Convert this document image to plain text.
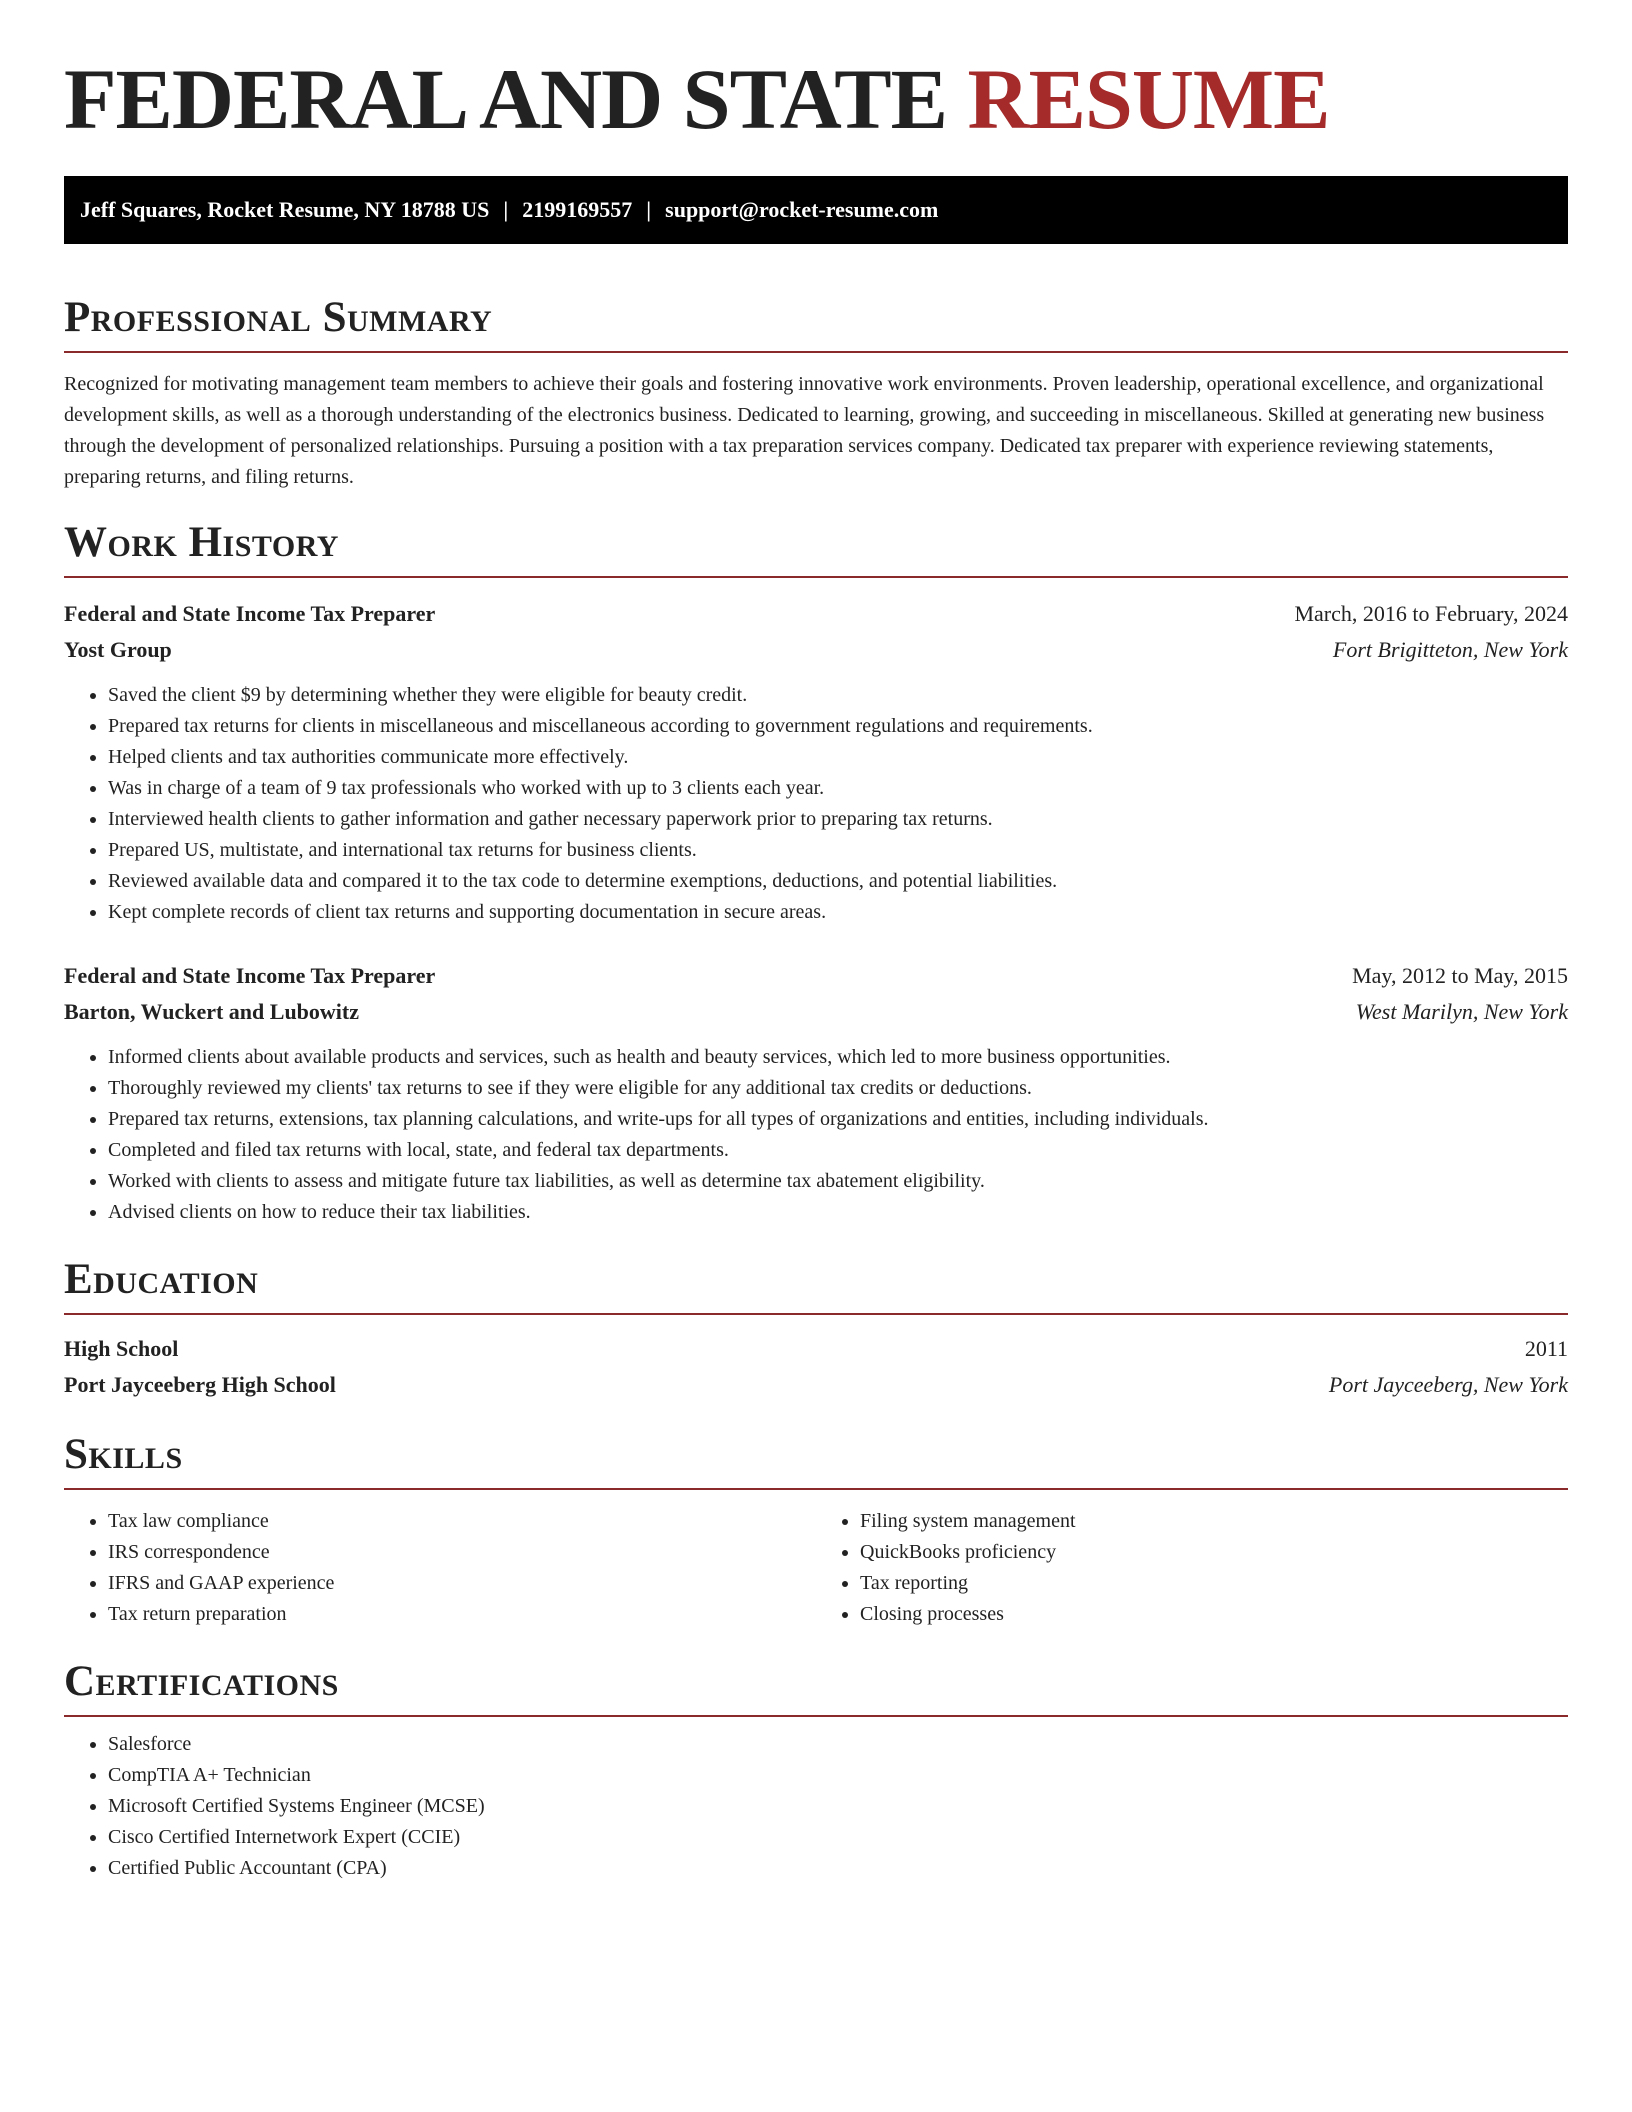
FEDERAL AND STATE RESUME
Jeff Squares, Rocket Resume, NY 18788 US | 2199169557 | support@rocket-resume.com
Professional Summary

Recognized for motivating management team members to achieve their goals and fostering innovative work environments. Proven leadership, operational excellence, and organizational development skills, as well as a thorough understanding of the electronics business. Dedicated to learning, growing, and succeeding in miscellaneous. Skilled at generating new business through the development of personalized relationships. Pursuing a position with a tax preparation services company. Dedicated tax preparer with experience reviewing statements, preparing returns, and filing returns.

Work History
Federal and State Income Tax Preparer	March, 2016 to February, 2024
Yost Group	Fort Brigitteton, New York
• Saved the client $9 by determining whether they were eligible for beauty credit.
• Prepared tax returns for clients in miscellaneous and miscellaneous according to government regulations and requirements.
• Helped clients and tax authorities communicate more effectively.
• Was in charge of a team of 9 tax professionals who worked with up to 3 clients each year.
• Interviewed health clients to gather information and gather necessary paperwork prior to preparing tax returns.
• Prepared US, multistate, and international tax returns for business clients.
• Reviewed available data and compared it to the tax code to determine exemptions, deductions, and potential liabilities.
• Kept complete records of client tax returns and supporting documentation in secure areas.
Federal and State Income Tax Preparer	May, 2012 to May, 2015
Barton, Wuckert and Lubowitz	West Marilyn, New York
• Informed clients about available products and services, such as health and beauty services, which led to more business opportunities.
• Thoroughly reviewed my clients' tax returns to see if they were eligible for any additional tax credits or deductions.
• Prepared tax returns, extensions, tax planning calculations, and write-ups for all types of organizations and entities, including individuals.
• Completed and filed tax returns with local, state, and federal tax departments.
• Worked with clients to assess and mitigate future tax liabilities, as well as determine tax abatement eligibility.
• Advised clients on how to reduce their tax liabilities.
Education
High School	2011
Port Jayceeberg High School	Port Jayceeberg, New York
Skills
• Tax law compliance
• IRS correspondence
• IFRS and GAAP experience
• Tax return preparation
• Filing system management
• QuickBooks proficiency
• Tax reporting
• Closing processes
Certifications
• Salesforce
• CompTIA A+ Technician
• Microsoft Certified Systems Engineer (MCSE)
• Cisco Certified Internetwork Expert (CCIE)
• Certified Public Accountant (CPA)
